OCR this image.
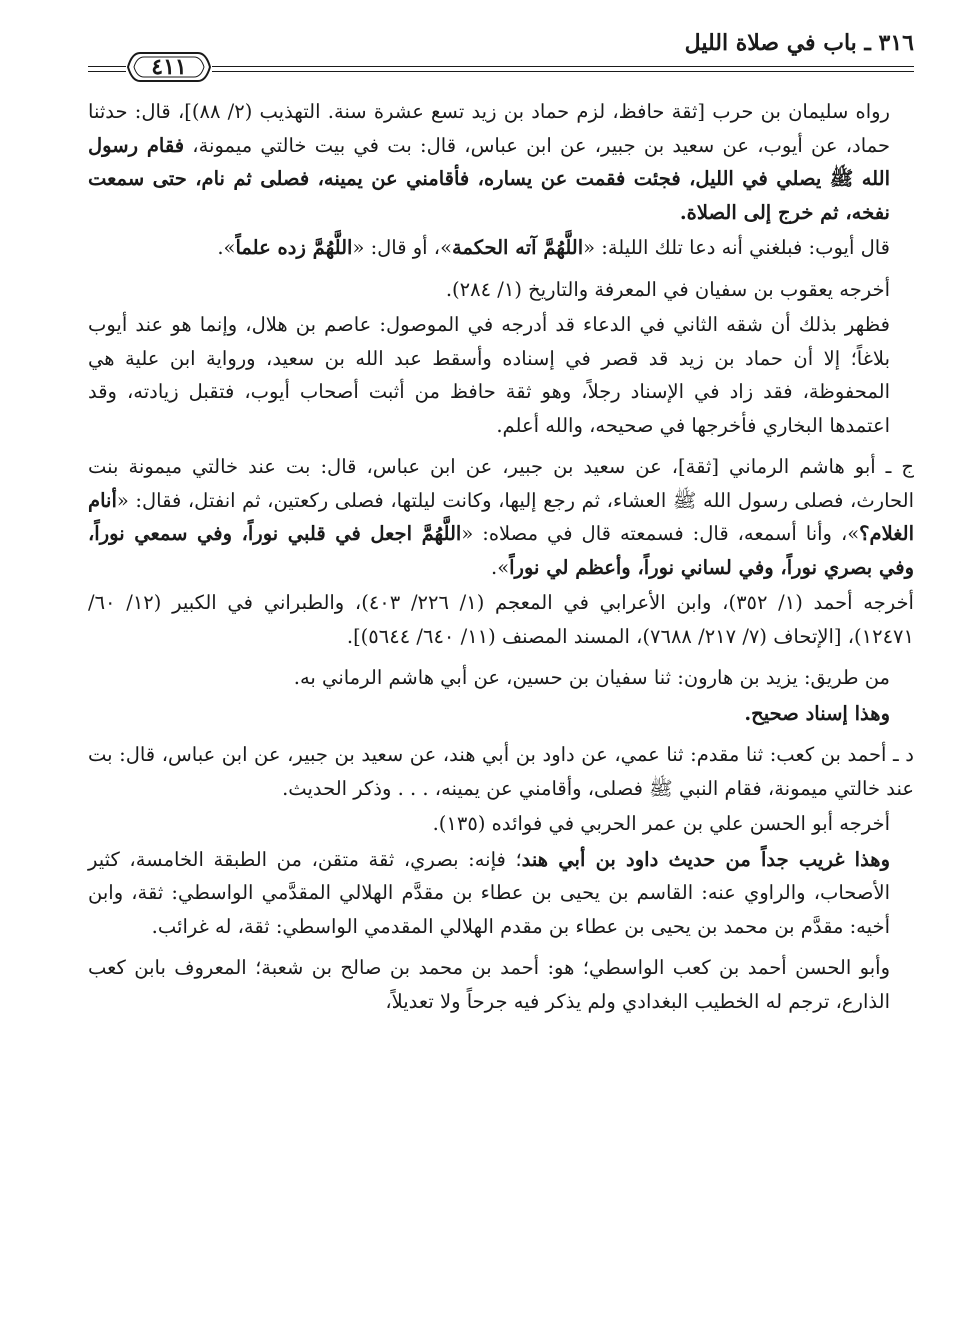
٣١٦ ـ باب في صلاة الليل
٤١١

رواه سليمان بن حرب [ثقة حافظ، لزم حماد بن زيد تسع عشرة سنة. التهذيب (٢/ ٨٨)]، قال: حدثنا حماد، عن أيوب، عن سعيد بن جبير، عن ابن عباس، قال: بت في بيت خالتي ميمونة، فقام رسول الله ﷺ يصلي في الليل، فجئت فقمت عن يساره، فأقامني عن يمينه، فصلى ثم نام، حتى سمعت نفخه، ثم خرج إلى الصلاة.

قال أيوب: فبلغني أنه دعا تلك الليلة: «اللَّهُمَّ آته الحكمة»، أو قال: «اللَّهُمَّ زده علماً».

أخرجه يعقوب بن سفيان في المعرفة والتاريخ (١/ ٢٨٤).

فظهر بذلك أن شقه الثاني في الدعاء قد أدرجه في الموصول: عاصم بن هلال، وإنما هو عند أيوب بلاغاً؛ إلا أن حماد بن زيد قد قصر في إسناده وأسقط عبد الله بن سعيد، ورواية ابن علية هي المحفوظة، فقد زاد في الإسناد رجلاً، وهو ثقة حافظ من أثبت أصحاب أيوب، فتقبل زيادته، وقد اعتمدها البخاري فأخرجها في صحيحه، والله أعلم.

ج ـ أبو هاشم الرماني [ثقة]، عن سعيد بن جبير، عن ابن عباس، قال: بت عند خالتي ميمونة بنت الحارث، فصلى رسول الله ﷺ العشاء، ثم رجع إليها، وكانت ليلتها، فصلى ركعتين، ثم انفتل، فقال: «أنام الغلام؟»، وأنا أسمعه، قال: فسمعته قال في مصلاه: «اللَّهُمَّ اجعل في قلبي نوراً، وفي سمعي نوراً، وفي بصري نوراً، وفي لساني نوراً، وأعظم لي نوراً».

أخرجه أحمد (١/ ٣٥٢)، وابن الأعرابي في المعجم (١/ ٢٢٦/ ٤٠٣)، والطبراني في الكبير (١٢/ ٦٠/ ١٢٤٧١)، [الإتحاف (٧/ ٢١٧/ ٧٦٨٨)، المسند المصنف (١١/ ٦٤٠/ ٥٦٤٤)].

من طريق: يزيد بن هارون: ثنا سفيان بن حسين، عن أبي هاشم الرماني به.

وهذا إسناد صحيح.

د ـ أحمد بن كعب: ثنا مقدم: ثنا عمي، عن داود بن أبي هند، عن سعيد بن جبير، عن ابن عباس، قال: بت عند خالتي ميمونة، فقام النبي ﷺ فصلى، وأقامني عن يمينه، . . . وذكر الحديث.

أخرجه أبو الحسن علي بن عمر الحربي في فوائده (١٣٥).

وهذا غريب جداً من حديث داود بن أبي هند؛ فإنه: بصري، ثقة متقن، من الطبقة الخامسة، كثير الأصحاب، والراوي عنه: القاسم بن يحيى بن عطاء بن مقدَّم الهلالي المقدَّمي الواسطي: ثقة، وابن أخيه: مقدَّم بن محمد بن يحيى بن عطاء بن مقدم الهلالي المقدمي الواسطي: ثقة، له غرائب.

وأبو الحسن أحمد بن كعب الواسطي؛ هو: أحمد بن محمد بن صالح بن شعبة؛ المعروف بابن كعب الذارع، ترجم له الخطيب البغدادي ولم يذكر فيه جرحاً ولا تعديلاً،
